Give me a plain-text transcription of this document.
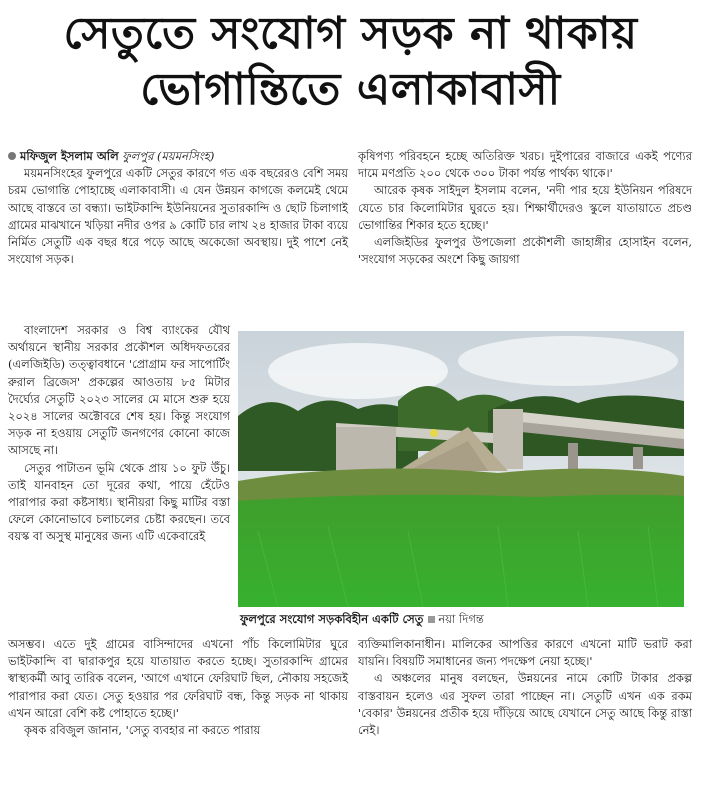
সেতুতে সংযোগ সড়ক না থাকায়
ভোগান্তিতে এলাকাবাসী

মফিজুল ইসলাম অলি ফুলপুর (ময়মনসিংহ)

ময়মনসিংহের ফুলপুরে একটি সেতুর কারণে গত এক বছরেরও বেশি সময় চরম ভোগান্তি পোহাচ্ছে এলাকাবাসী। এ যেন উন্নয়ন কাগজে কলমেই থেমে আছে বাস্তবে তা বন্ধ্যা। ভাইটকান্দি ইউনিয়নের সুতারকান্দি ও ছোট চিলাগাই গ্রামের মাঝখানে খড়িয়া নদীর ওপর ৯ কোটি চার লাখ ২৪ হাজার টাকা ব্যয়ে নির্মিত সেতুটি এক বছর ধরে পড়ে আছে অকেজো অবস্থায়। দুই পাশে নেই সংযোগ সড়ক।

বাংলাদেশ সরকার ও বিশ্ব ব্যাংকের যৌথ অর্থায়নে স্থানীয় সরকার প্রকৌশল অধিদফতরের (এলজিইডি) তত্ত্বাবধানে 'প্রোগ্রাম ফর সাপোর্টিং রুরাল ব্রিজেস' প্রকল্পের আওতায় ৮৫ মিটার দৈর্ঘ্যের সেতুটি ২০২৩ সালের মে মাসে শুরু হয়ে ২০২৪ সালের অক্টোবরে শেষ হয়। কিন্তু সংযোগ সড়ক না হওয়ায় সেতুটি জনগণের কোনো কাজে আসছে না।

সেতুর পাটাতন ভূমি থেকে প্রায় ১০ ফুট উঁচু। তাই যানবাহন তো দূরের কথা, পায়ে হেঁটেও পারাপার করা কষ্টসাধ্য। স্থানীয়রা কিছু মাটির বস্তা ফেলে কোনোভাবে চলাচলের চেষ্টা করছেন। তবে বয়স্ক বা অসুস্থ মানুষের জন্য এটি একেবারেই

অসম্ভব। এতে দুই গ্রামের বাসিন্দাদের এখনো পাঁচ কিলোমিটার ঘুরে ভাইটকান্দি বা দ্বারাকপুর হয়ে যাতায়াত করতে হচ্ছে। সুতারকান্দি গ্রামের স্বাস্থ্যকর্মী আবু তারিক বলেন, 'আগে এখানে ফেরিঘাট ছিল, নৌকায় সহজেই পারাপার করা যেত। সেতু হওয়ার পর ফেরিঘাট বন্ধ, কিন্তু সড়ক না থাকায় এখন আরো বেশি কষ্ট পোহাতে হচ্ছে।'

কৃষক রবিজুল জানান, 'সেতু ব্যবহার না করতে পারায়

কৃষিপণ্য পরিবহনে হচ্ছে অতিরিক্ত খরচ। দুইপারের বাজারে একই পণ্যের দামে মণপ্রতি ২০০ থেকে ৩০০ টাকা পর্যন্ত পার্থক্য থাকে।'

আরেক কৃষক সাইদুল ইসলাম বলেন, 'নদী পার হয়ে ইউনিয়ন পরিষদে যেতে চার কিলোমিটার ঘুরতে হয়। শিক্ষার্থীদেরও স্কুলে যাতায়াতে প্রচণ্ড ভোগান্তির শিকার হতে হচ্ছে।'

এলজিইডির ফুলপুর উপজেলা প্রকৌশলী জাহাঙ্গীর হোসাইন বলেন, 'সংযোগ সড়কের অংশে কিছু জায়গা

ফুলপুরে সংযোগ সড়কবিহীন একটি সেতু নয়া দিগন্ত

ব্যক্তিমালিকানাধীন। মালিকের আপত্তির কারণে এখনো মাটি ভরাট করা যায়নি। বিষয়টি সমাধানের জন্য পদক্ষেপ নেয়া হচ্ছে।'

এ অঞ্চলের মানুষ বলছেন, উন্নয়নের নামে কোটি টাকার প্রকল্প বাস্তবায়ন হলেও এর সুফল তারা পাচ্ছেন না। সেতুটি এখন এক রকম 'বেকার' উন্নয়নের প্রতীক হয়ে দাঁড়িয়ে আছে যেখানে সেতু আছে কিন্তু রাস্তা নেই।
